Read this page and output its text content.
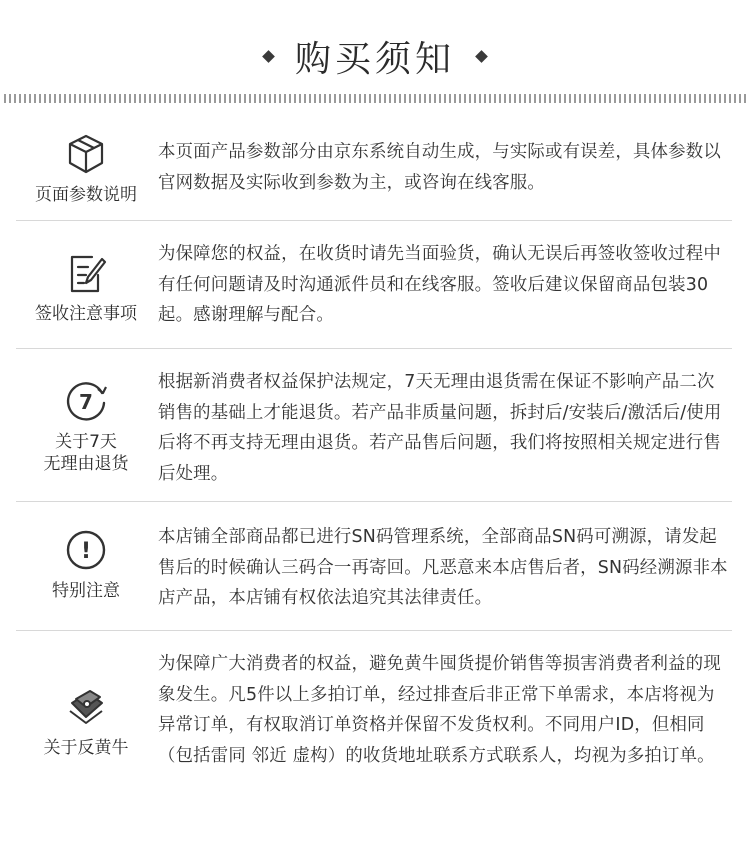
购买须知
页面参数说明
本页面产品参数部分由京东系统自动生成，与实际或有误差，具体参数以官网数据及实际收到参数为主，或咨询在线客服。
签收注意事项
为保障您的权益，在收货时请先当面验货，确认无误后再签收签收过程中有任何问题请及时沟通派件员和在线客服。签收后建议保留商品包装30起。感谢理解与配合。
7
关于7天
无理由退货
根据新消费者权益保护法规定，7天无理由退货需在保证不影响产品二次销售的基础上才能退货。若产品非质量问题，拆封后/安装后/激活后/使用后将不再支持无理由退货。若产品售后问题，我们将按照相关规定进行售后处理。
!
特别注意
本店铺全部商品都已进行SN码管理系统，全部商品SN码可溯源，请发起售后的时候确认三码合一再寄回。凡恶意来本店售后者，SN码经溯源非本店产品，本店铺有权依法追究其法律责任。
关于反黄牛
为保障广大消费者的权益，避免黄牛囤货提价销售等损害消费者利益的现象发生。凡5件以上多拍订单，经过排查后非正常下单需求，本店将视为异常订单，有权取消订单资格并保留不发货权利。不同用户ID，但相同（包括雷同 邻近 虚构）的收货地址联系方式联系人，均视为多拍订单。
